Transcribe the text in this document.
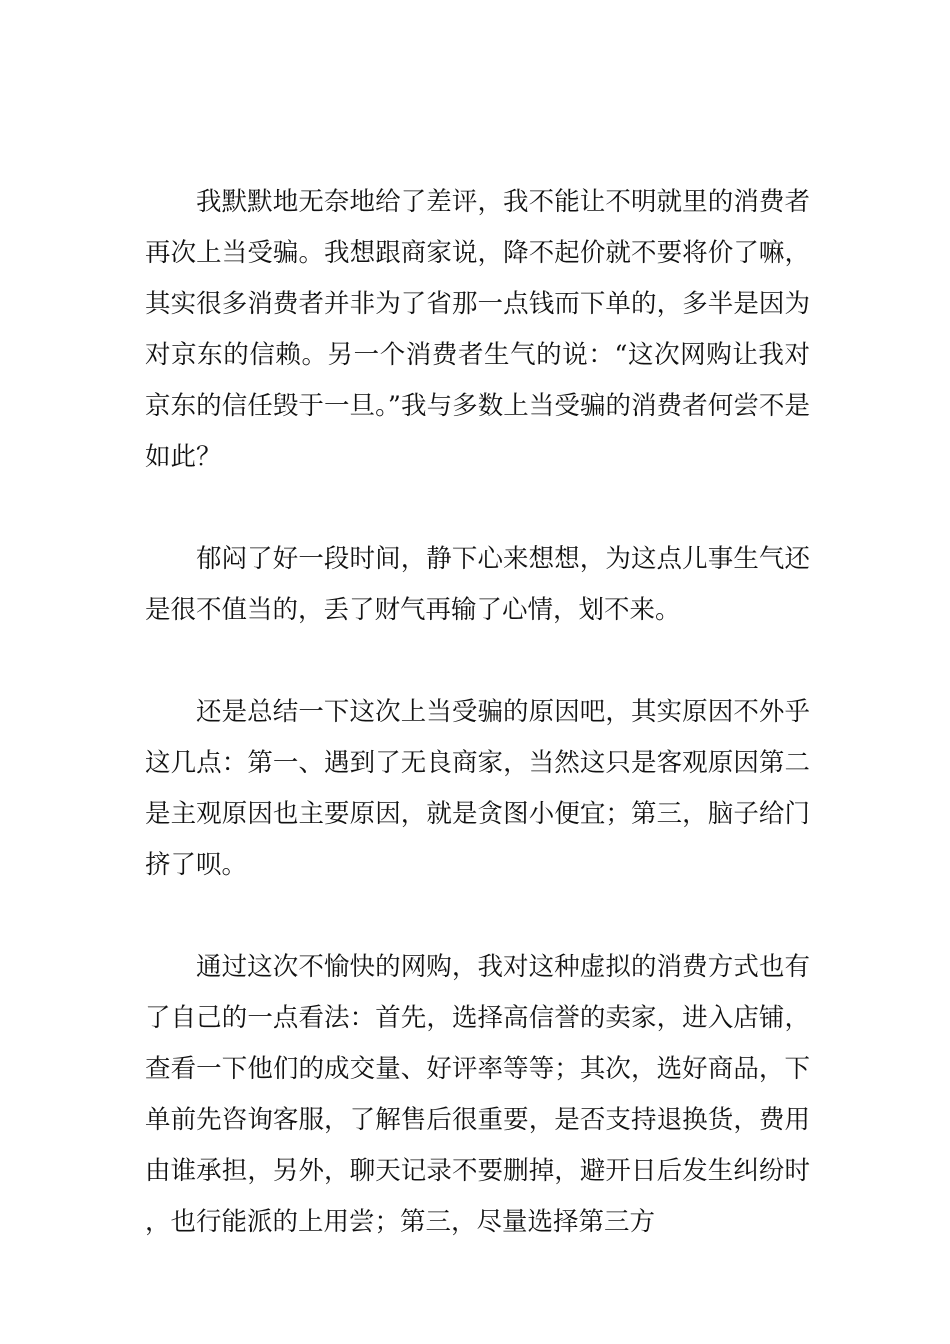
我默默地无奈地给了差评，我不能让不明就里的消费者再次上当受骗。我想跟商家说，降不起价就不要将价了嘛，其实很多消费者并非为了省那一点钱而下单的，多半是因为对京东的信赖。另一个消费者生气的说：“这次网购让我对京东的信任毁于一旦。”我与多数上当受骗的消费者何尝不是如此？

郁闷了好一段时间，静下心来想想，为这点儿事生气还是很不值当的，丢了财气再输了心情，划不来。

还是总结一下这次上当受骗的原因吧，其实原因不外乎这几点：第一、遇到了无良商家，当然这只是客观原因第二是主观原因也主要原因，就是贪图小便宜；第三，脑子给门挤了呗。

通过这次不愉快的网购，我对这种虚拟的消费方式也有了自己的一点看法：首先，选择高信誉的卖家，进入店铺，查看一下他们的成交量、好评率等等；其次，选好商品，下单前先咨询客服，了解售后很重要，是否支持退换货，费用由谁承担，另外，聊天记录不要删掉，避开日后发生纠纷时，也行能派的上用尝；第三，尽量选择第三方
